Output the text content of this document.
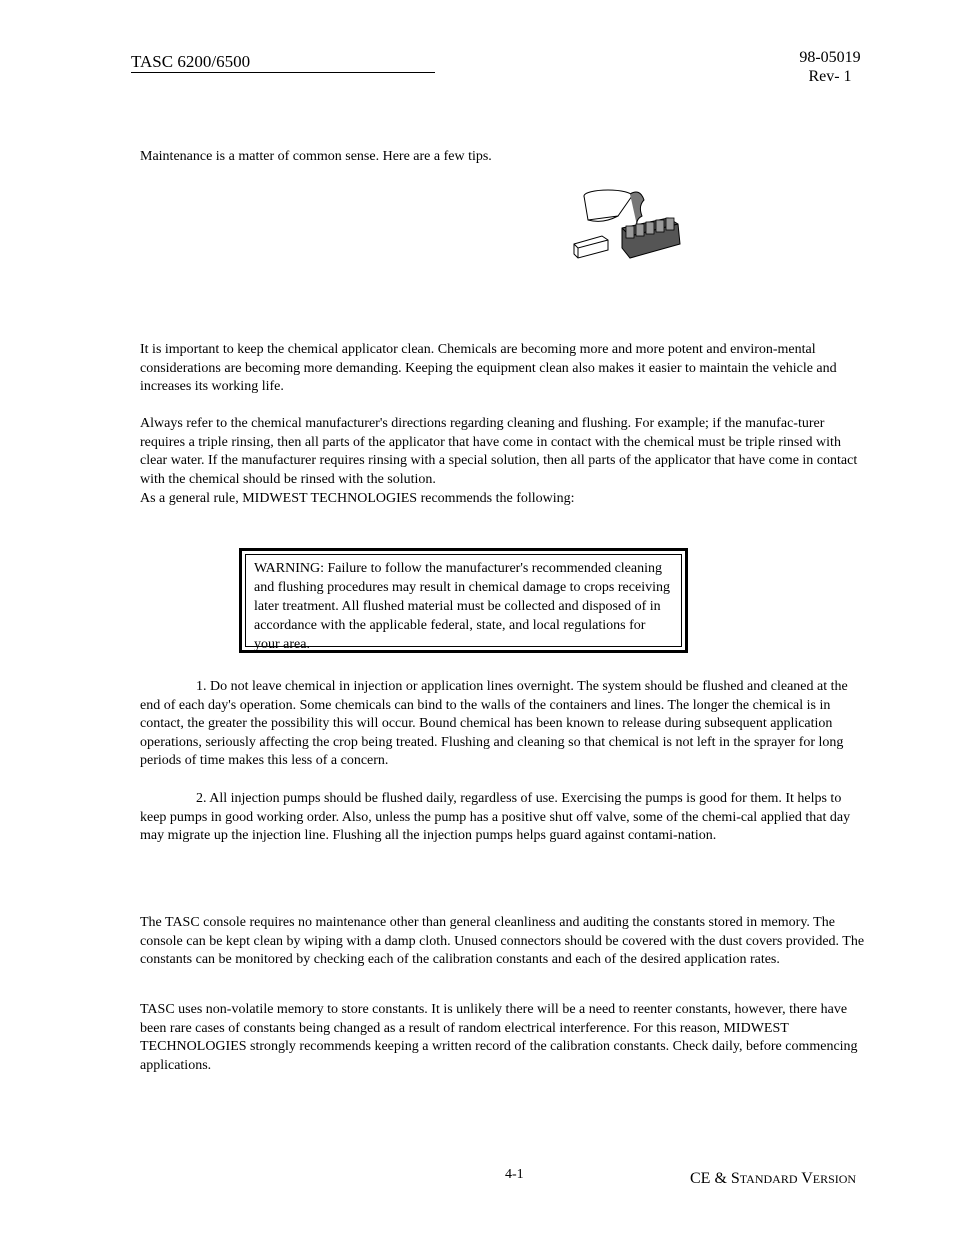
TASC 6200/6500	98-05019
Rev- 1

Maintenance is a matter of common sense. Here are a few tips.

It is important to keep the chemical applicator clean. Chemicals are becoming more and more potent and environ-mental considerations are becoming more demanding. Keeping the equipment clean also makes it easier to maintain the vehicle and increases its working life.

Always refer to the chemical manufacturer's directions regarding cleaning and flushing. For example; if the manufac-turer requires a triple rinsing, then all parts of the applicator that have come in contact with the chemical must be triple rinsed with clear water. If the manufacturer requires rinsing with a special solution, then all parts of the applicator that have come in contact with the chemical should be rinsed with the solution.

As a general rule, MIDWEST TECHNOLOGIES recommends the following:

WARNING: Failure to follow the manufacturer's recommended cleaning and flushing procedures may result in chemical damage to crops receiving later treatment. All flushed material must be collected and disposed of in accordance with the applicable federal, state, and local regulations for your area.

1. Do not leave chemical in injection or application lines overnight. The system should be flushed and cleaned at the end of each day's operation. Some chemicals can bind to the walls of the containers and lines. The longer the chemical is in contact, the greater the possibility this will occur. Bound chemical has been known to release during subsequent application operations, seriously affecting the crop being treated. Flushing and cleaning so that chemical is not left in the sprayer for long periods of time makes this less of a concern.

2. All injection pumps should be flushed daily, regardless of use. Exercising the pumps is good for them. It helps to keep pumps in good working order. Also, unless the pump has a positive shut off valve, some of the chemi-cal applied that day may migrate up the injection line. Flushing all the injection pumps helps guard against contami-nation.

The TASC console requires no maintenance other than general cleanliness and auditing the constants stored in memory. The console can be kept clean by wiping with a damp cloth. Unused connectors should be covered with the dust covers provided. The constants can be monitored by checking each of the calibration constants and each of the desired application rates.

TASC uses non-volatile memory to store constants. It is unlikely there will be a need to reenter constants, however, there have been rare cases of constants being changed as a result of random electrical interference. For this reason, MIDWEST TECHNOLOGIES strongly recommends keeping a written record of the calibration constants. Check daily, before commencing applications.

4-1	CE & STANDARD VERSION
